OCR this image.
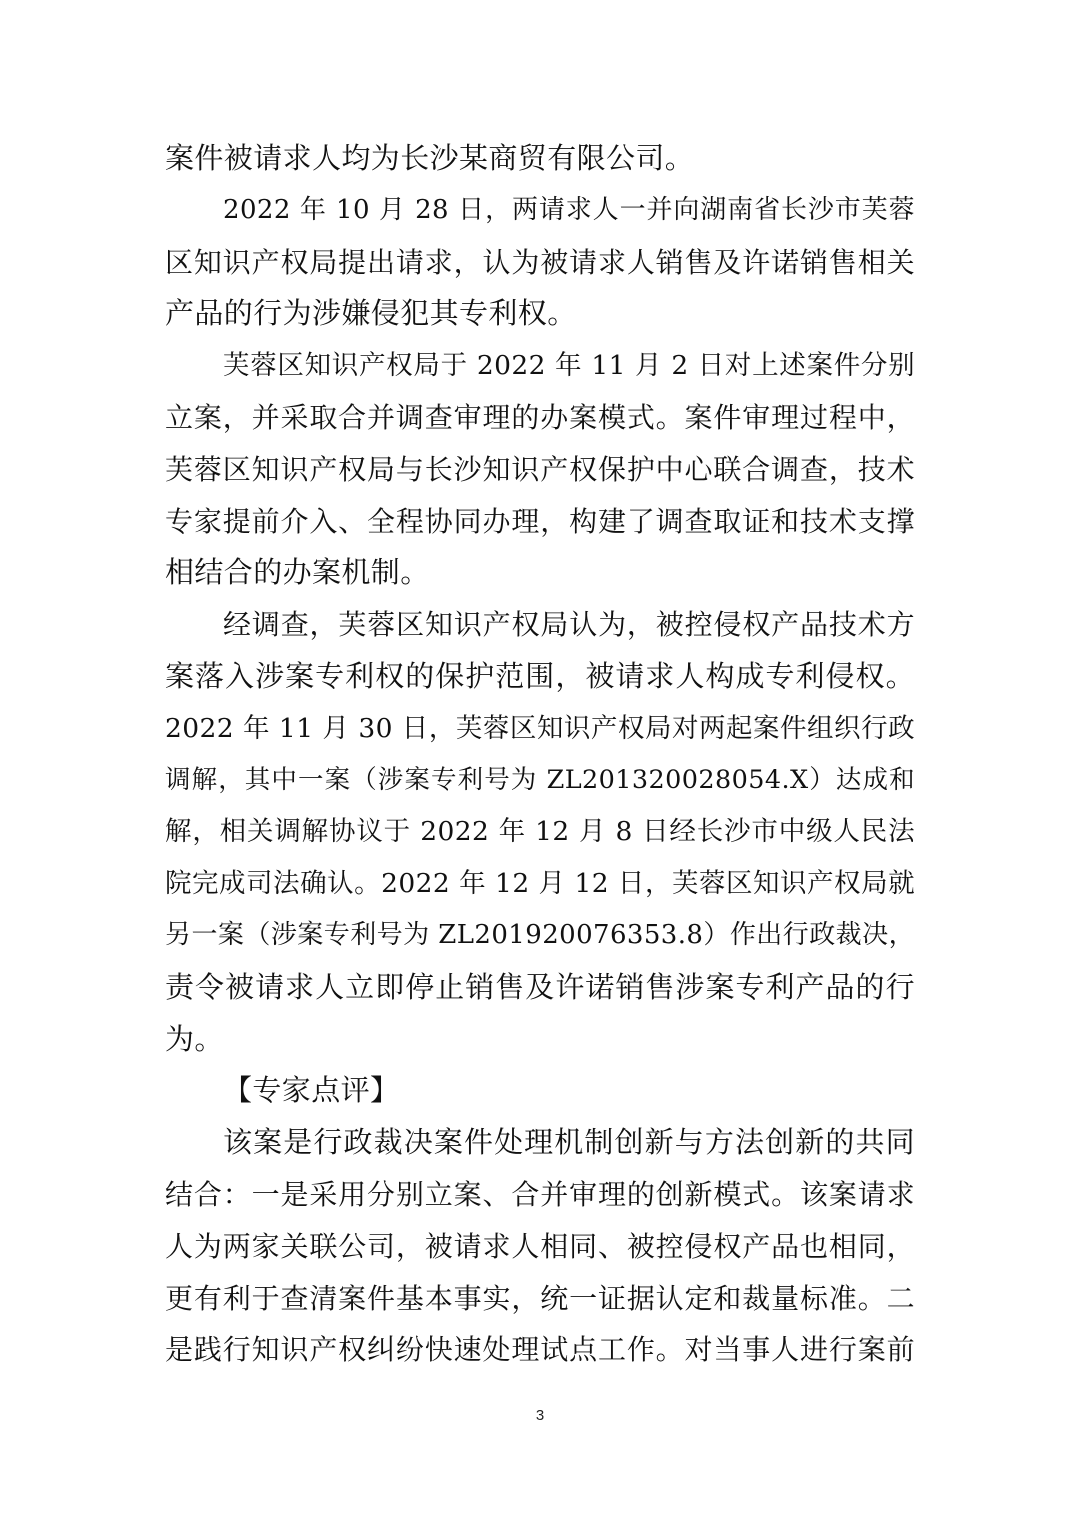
案件被请求人均为长沙某商贸有限公司。
2022 年 10 月 28 日，两请求人一并向湖南省长沙市芙蓉
区知识产权局提出请求，认为被请求人销售及许诺销售相关
产品的行为涉嫌侵犯其专利权。
芙蓉区知识产权局于 2022 年 11 月 2 日对上述案件分别
立案，并采取合并调查审理的办案模式。案件审理过程中，
芙蓉区知识产权局与长沙知识产权保护中心联合调查，技术
专家提前介入、全程协同办理，构建了调查取证和技术支撑
相结合的办案机制。
经调查，芙蓉区知识产权局认为，被控侵权产品技术方
案落入涉案专利权的保护范围，被请求人构成专利侵权。
2022 年 11 月 30 日，芙蓉区知识产权局对两起案件组织行政
调解，其中一案（涉案专利号为 ZL201320028054.X）达成和
解，相关调解协议于 2022 年 12 月 8 日经长沙市中级人民法
院完成司法确认。2022 年 12 月 12 日，芙蓉区知识产权局就
另一案（涉案专利号为 ZL201920076353.8）作出行政裁决，
责令被请求人立即停止销售及许诺销售涉案专利产品的行
为。
【专家点评】
该案是行政裁决案件处理机制创新与方法创新的共同
结合：一是采用分别立案、合并审理的创新模式。该案请求
人为两家关联公司，被请求人相同、被控侵权产品也相同，
更有利于查清案件基本事实，统一证据认定和裁量标准。二
是践行知识产权纠纷快速处理试点工作。对当事人进行案前
3
